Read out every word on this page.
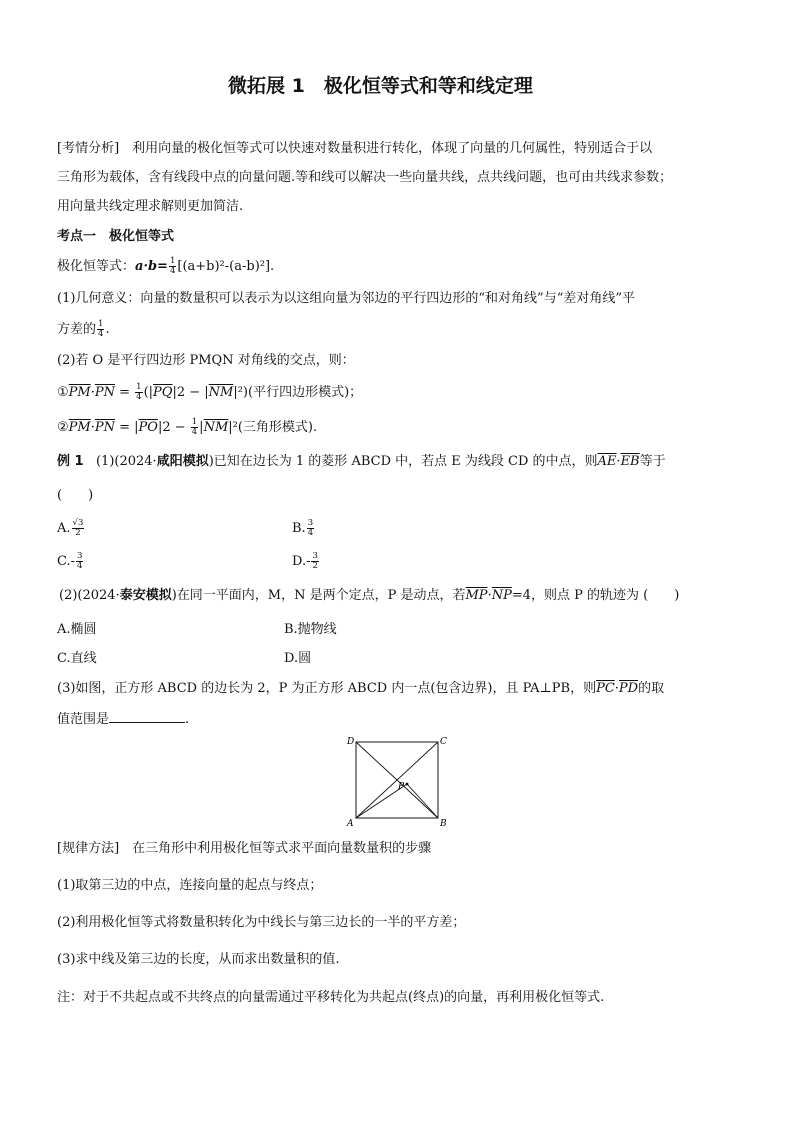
微拓展 1　极化恒等式和等和线定理
[考情分析]　利用向量的极化恒等式可以快速对数量积进行转化，体现了向量的几何属性，特别适合于以
三角形为载体，含有线段中点的向量问题.等和线可以解决一些向量共线，点共线问题，也可由共线求参数；
用向量共线定理求解则更加简洁.
考点一　极化恒等式
极化恒等式：$a\cdot b= \frac{1}{4} [(a+b)^2-(a-b)^2]$.
(1)几何意义：向量的数量积可以表示为以这组向量为邻边的平行四边形的“和对角线”与“差对角线”平
方差的 $\frac{1}{4}$ .
(2)若 O 是平行四边形 PMQN 对角线的交点，则：
$①\overline{PM}\cdot\overline{PN} = \frac{1}{4} (|\overline{PQ}|2 - |\overline{NM}|^2)$(平行四边形模式)；
$②\overline{PM}\cdot\overline{PN} = |\overline{PO}|2 - \frac{1}{4} |\overline{NM}|^2$(三角形模式).
例 1 (1)(2024·咸阳模拟)已知在边长为 1 的菱形 ABCD 中，若点 E 为线段 CD 的中点，则$\overline{AE}\cdot\overline{EB}$等于
(　　)
A. $\frac{√3}{2}$	B. $\frac{3}{4}$
$C.- \frac{3}{4}$	$D.- \frac{3}{2}$
(2)(2024·泰安模拟)在同一平面内，M，N 是两个定点，P 是动点，若$\overline{MP}\cdot\overline{NP}=4$，则点 P 的轨迹为 (　　)
A.椭圆	B.抛物线
C.直线	D.圆
(3)如图，正方形 ABCD 的边长为 2，P 为正方形 ABCD 内一点(包含边界)，且 PA⊥PB，则$\overline{PC}\cdot\overline{PD}$的取
值范围是	.
D	C
A	B
P
[规律方法]　在三角形中利用极化恒等式求平面向量数量积的步骤
(1)取第三边的中点，连接向量的起点与终点；
(2)利用极化恒等式将数量积转化为中线长与第三边长的一半的平方差；
(3)求中线及第三边的长度，从而求出数量积的值.
注：对于不共起点或不共终点的向量需通过平移转化为共起点(终点)的向量，再利用极化恒等式.
